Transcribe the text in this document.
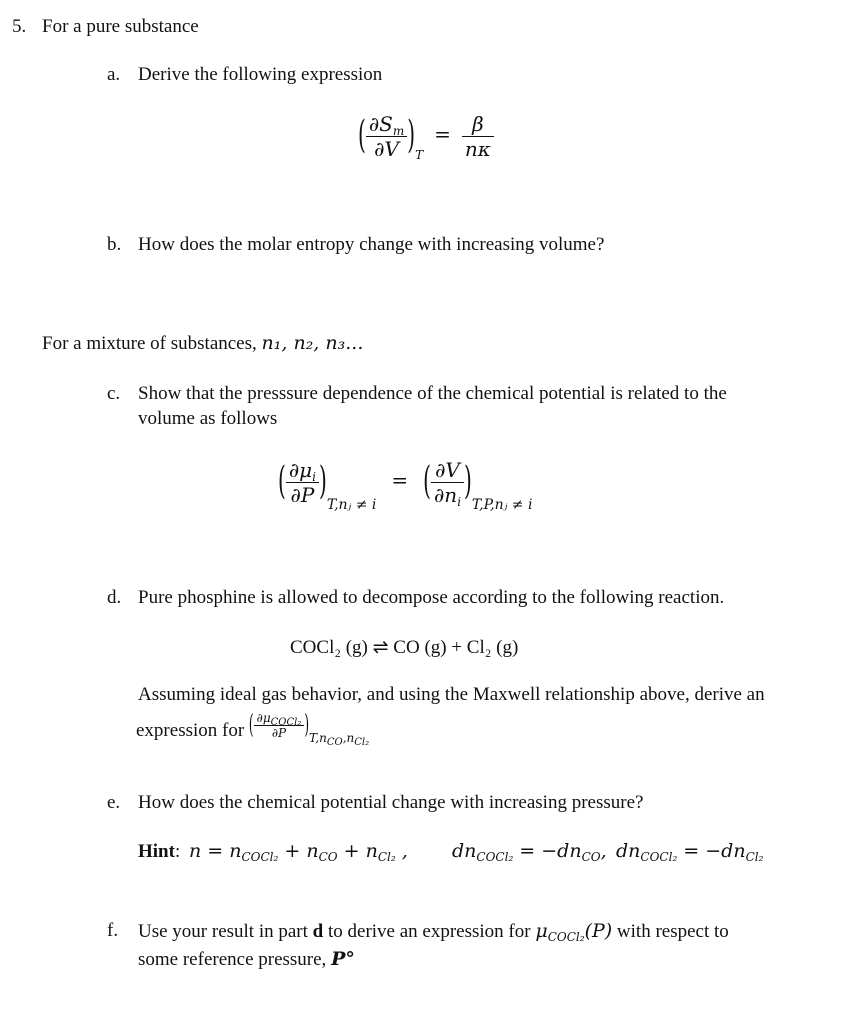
5. For a pure substance
a. Derive the following expression
( $\frac{\partial S_m}{\partial V} )_T = \frac{\beta}{n\kappa}$
b. How does the molar entropy change with increasing volume?
For a mixture of substances, n₁, n₂, n₃...
c. Show that the presssure dependence of the chemical potential is related to the
volume as follows
( $\frac{\partial\mu_i}{\partial P} )_{T,nⱼ \ne i}$ = ( $\frac{\partial V}{\partial n_i} )_{T,P,nⱼ \ne i}$
d. Pure phosphine is allowed to decompose according to the following reaction.
COCl₂ (g) ⇌ CO (g) + Cl₂ (g)
Assuming ideal gas behavior, and using the Maxwell relationship above, derive an
expression for ( $\frac{\partial\mu_{COCl_2}}{\partial P} )T,n_{CO},n_{Cl_2}$
e. How does the chemical potential change with increasing pressure?
Hint: $n = n_{COCl_2} + n_{CO} + n_{Cl_2}$ , $dn_{COCl_2} = -dn_{CO}$, $dn_{COCl_2} = -dn_{Cl_2}$
f. Use your result in part d to derive an expression for $\mu_{COCl_2}(P)$ with respect to
some reference pressure, P°
